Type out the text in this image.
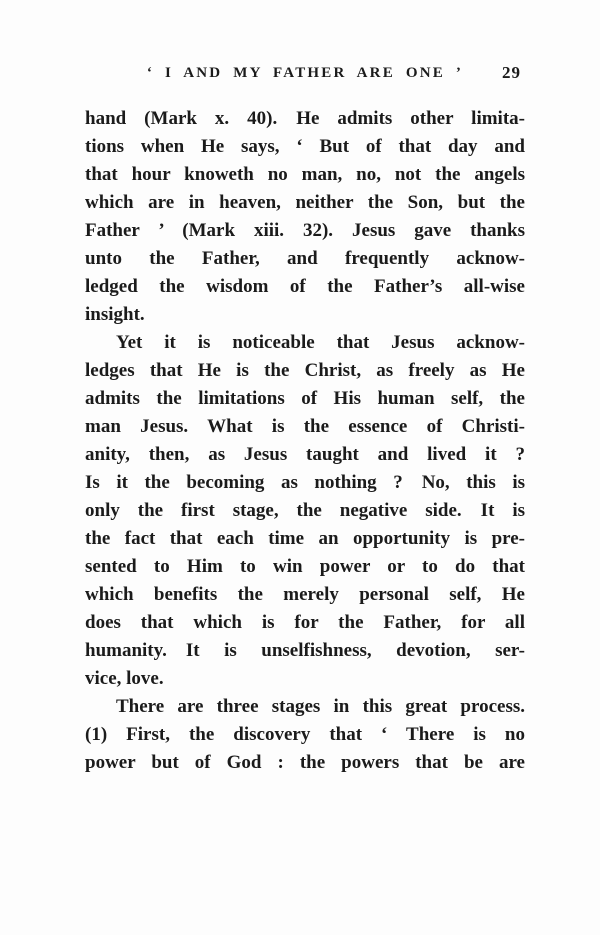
‘ I AND MY FATHER ARE ONE ’ 29
hand (Mark x. 40). He admits other limita-
tions when He says, ‘ But of that day and
that hour knoweth no man, no, not the angels
which are in heaven, neither the Son, but the
Father ’ (Mark xiii. 32). Jesus gave thanks
unto the Father, and frequently acknow-
ledged the wisdom of the Father’s all-wise
insight.
Yet it is noticeable that Jesus acknow-
ledges that He is the Christ, as freely as He
admits the limitations of His human self, the
man Jesus. What is the essence of Christi-
anity, then, as Jesus taught and lived it ?
Is it the becoming as nothing ? No, this is
only the first stage, the negative side. It is
the fact that each time an opportunity is pre-
sented to Him to win power or to do that
which benefits the merely personal self, He
does that which is for the Father, for all
humanity. It is unselfishness, devotion, ser-
vice, love.
There are three stages in this great process.
(1) First, the discovery that ‘ There is no
power but of God : the powers that be are
